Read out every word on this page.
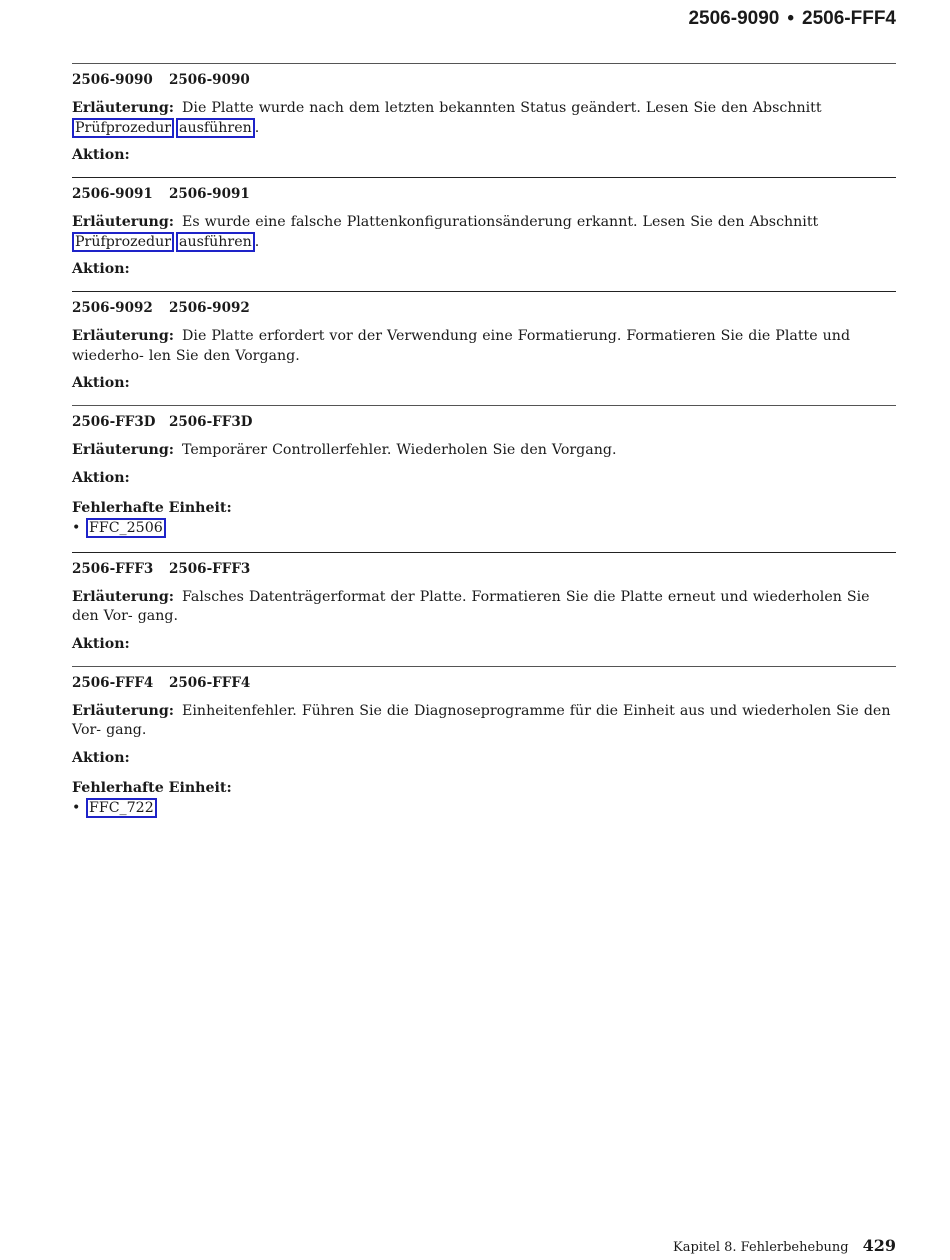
2506-9090 • 2506-FFF4
2506-9090 2506-9090

Erläuterung: Die Platte wurde nach dem letzten bekannten Status geändert. Lesen Sie den Abschnitt Prüfprozedur ausführen .

Aktion:
2506-9091 2506-9091

Erläuterung: Es wurde eine falsche Plattenkonfigurationsänderung erkannt. Lesen Sie den Abschnitt Prüfprozedur ausführen .

Aktion:
2506-9092 2506-9092

Erläuterung: Die Platte erfordert vor der Verwendung eine Formatierung. Formatieren Sie die Platte und wiederho- len Sie den Vorgang.

Aktion:
2506-FF3D 2506-FF3D

Erläuterung: Temporärer Controllerfehler. Wiederholen Sie den Vorgang.

Aktion:
Fehlerhafte Einheit:
• FFC_2506
2506-FFF3 2506-FFF3

Erläuterung: Falsches Datenträgerformat der Platte. Formatieren Sie die Platte erneut und wiederholen Sie den Vor- gang.

Aktion:
2506-FFF4 2506-FFF4

Erläuterung: Einheitenfehler. Führen Sie die Diagnoseprogramme für die Einheit aus und wiederholen Sie den Vor- gang.

Aktion:
Fehlerhafte Einheit:
• FFC_722
Kapitel 8. Fehlerbehebung 429
